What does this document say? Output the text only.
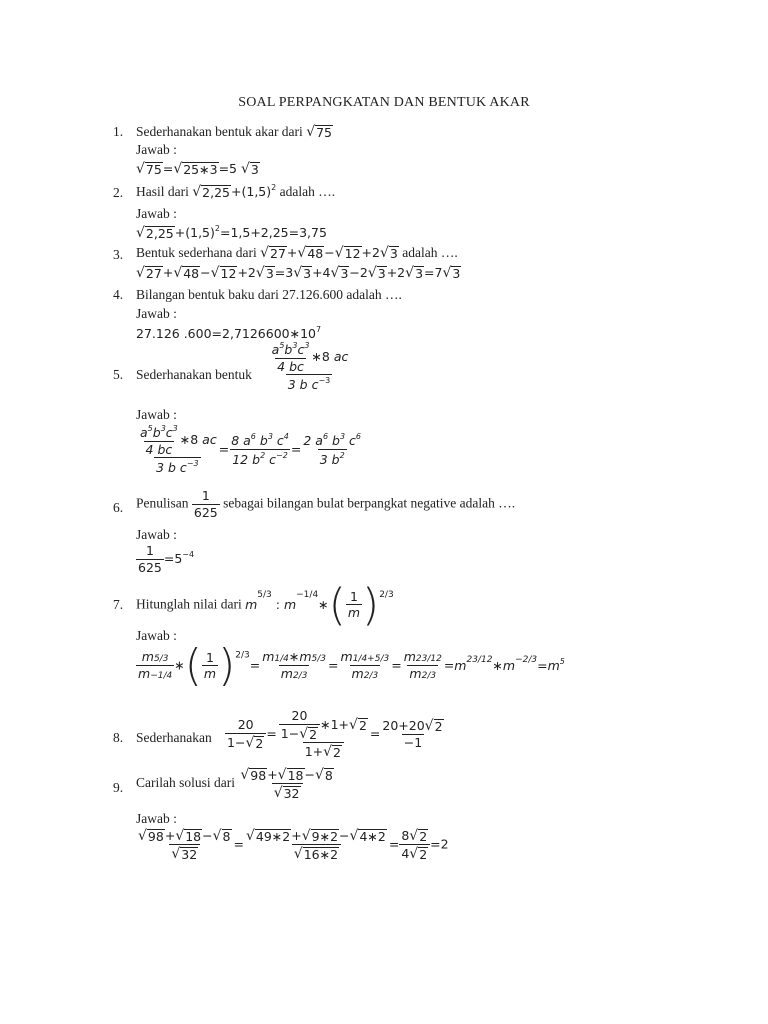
SOAL PERPANGKATAN DAN BENTUK AKAR
1. Sederhanakan bentuk akar dari √ 75
Jawab :
√ 75 = √ 25∗3 =5 √ 3
2. Hasil dari √ $2,25 +(1,5)^2$ adalah ….
Jawab :
√ $2,25 +(1,5)^2=1,5+2,25=3,75$
3. Bentuk sederhana dari √ 27 + √ 48 − √ 12 +2 √ 3 adalah ….
√ 27 + √ 48 − √ 12 +2 √ 3 =3 √ 3 +4 √ 3 −2 √ 3 +2 √ 3 =7 √ 3
4. Bilangan bentuk baku dari 27.126.600 adalah ….
Jawab :
27.126 $.600=2,7126600∗10^7$
5. Sederhanakan bentuk $\frac{\frac{a^5b^3c^3}{4 bc} ∗8 ac}{3 b c^{-3}}$
Jawab :
$\frac{\frac{a^5b^3c^3}{4 bc} ∗8 ac}{3 b c^{-3}} = \frac{8 a^6 b^3 c^4}{12 b^2 c^{-2}} = \frac{2 a^6 b^3 c^6}{3 b^2}$
6. Penulisan $\frac{1}{625}$ sebagai bilangan bulat berpangkat negative adalah ….
Jawab :
$\frac{1}{625} =5^{-4}$
7. Hitunglah nilai dari $m^{5/3}$ : $m^{-1/4}∗( \frac{1}{m} )^{2/3}$
Jawab :
$\frac{m5/3}{m-1/4}$ ∗( $\frac{1}{m} )^{2/3}= \frac{m1/4∗m5/3}{m2/3} = \frac{m1/4+5/3}{m2/3} = \frac{m23/12}{m2/3}$ $=m^{23/12}∗m^{-2/3}=m^5$
8. Sederhanakan $\frac{20}{1- √ 2} = \frac{\frac{20}{1- √ 2} ∗1+ √ 2}{1+ √ 2} = \frac{20+20 √ 2}{-1}$
9. Carilah solusi dari $\frac{√ 98 + √ 18 - √ 8}{√ 32}$
Jawab :
$\frac{√ 98 + √ 18 - √ 8}{√ 32} = \frac{√ 49∗2 + √ 9∗2 - √ 4∗2}{√ 16∗2} = \frac{8 √ 2}{4 √ 2} =2$
